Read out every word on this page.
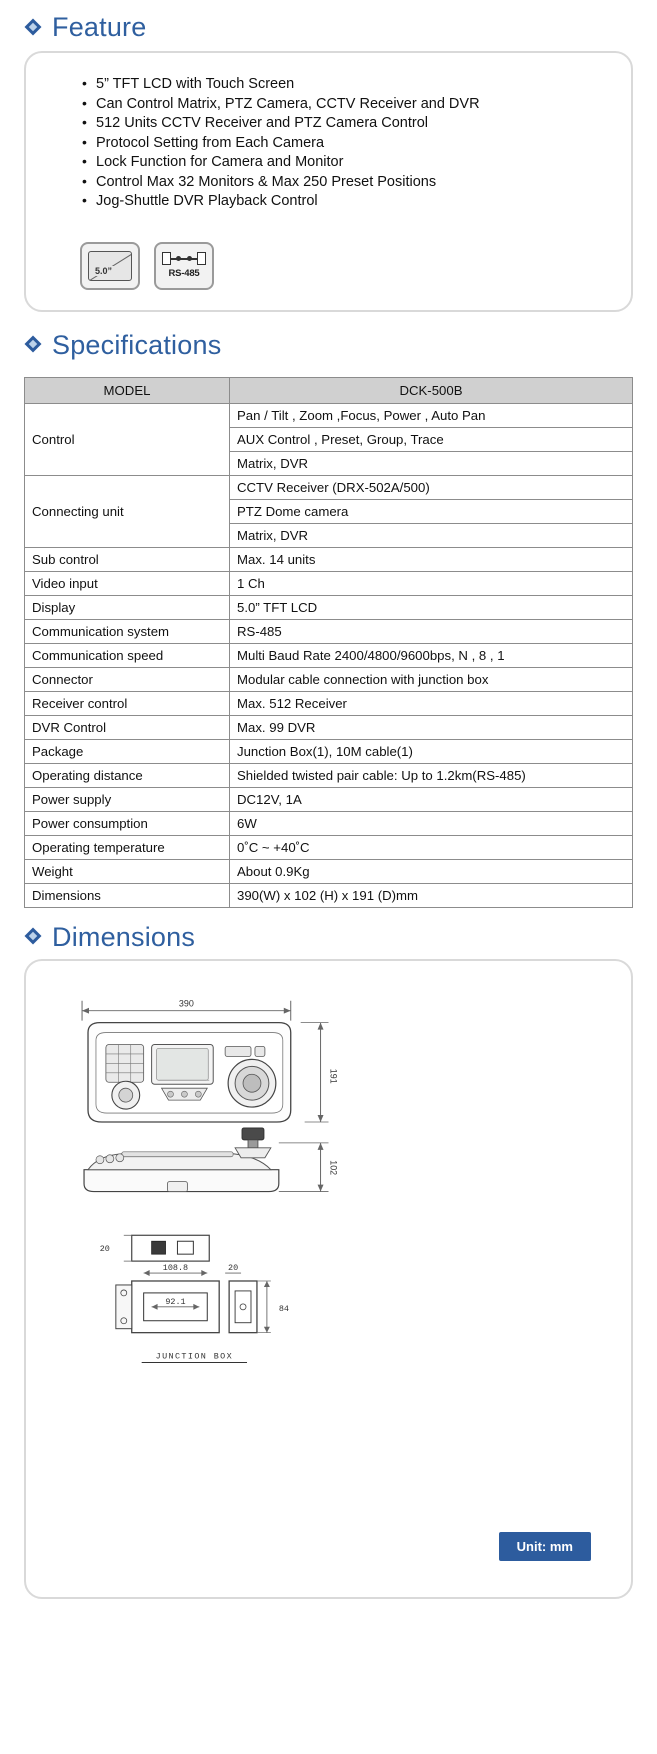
Feature
• 5” TFT LCD with Touch Screen
• Can Control Matrix, PTZ Camera, CCTV Receiver and DVR
• 512 Units CCTV Receiver and PTZ Camera Control
• Protocol Setting from Each Camera
• Lock Function for Camera and Monitor
• Control Max 32 Monitors & Max 250 Preset Positions
• Jog-Shuttle DVR Playback Control
5.0”	RS-485
Specifications
MODEL	DCK-500B
Control	Pan / Tilt , Zoom ,Focus, Power , Auto Pan
	AUX Control , Preset, Group, Trace
	Matrix, DVR
Connecting unit	CCTV Receiver (DRX-502A/500)
	PTZ Dome camera
	Matrix, DVR
Sub control	Max. 14 units
Video input	1 Ch
Display	5.0” TFT LCD
Communication system	RS-485
Communication speed	Multi Baud Rate 2400/4800/9600bps, N , 8 , 1
Connector	Modular cable connection with junction box
Receiver control	Max. 512 Receiver
DVR Control	Max. 99 DVR
Package	Junction Box(1), 10M cable(1)
Operating distance	Shielded twisted pair cable: Up to 1.2km(RS-485)
Power supply	DC12V, 1A
Power consumption	6W
Operating temperature	0˚C ~ +40˚C
Weight	About 0.9Kg
Dimensions	390(W) x 102 (H) x 191 (D)mm
Dimensions
390
191
102
20
108.8
92.1
20
84
JUNCTION BOX
Unit: mm
